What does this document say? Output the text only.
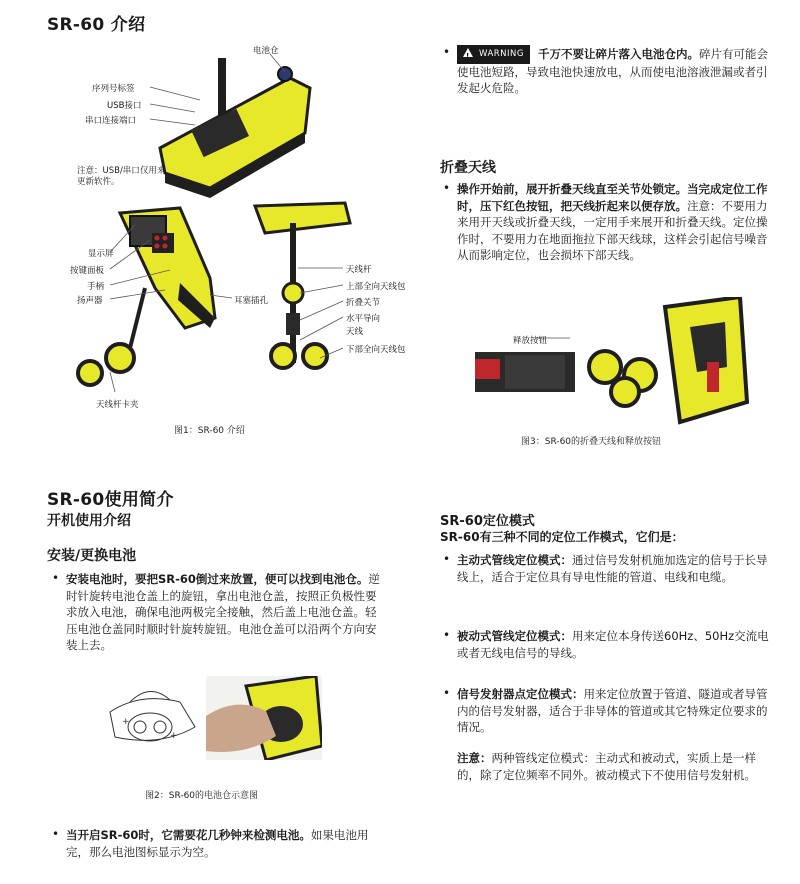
SR-60 介绍
电池仓
序列号标签
USB接口
串口连接端口
注意：USB/串口仅用来更新软件。
显示屏
按键面板
手柄
扬声器	耳塞插孔
天线杆卡夹
天线杆
上部全向天线包
折叠关节
水平导向
天线
下部全向天线包
图1：SR-60 介绍
SR-60使用简介
开机使用介绍
安装/更换电池
• 安装电池时，要把SR-60倒过来放置，便可以找到电池仓。逆时针旋转电池仓盖上的旋钮，拿出电池仓盖，按照正负极性要求放入电池，确保电池两极完全接触，然后盖上电池仓盖。轻压电池仓盖同时顺时针旋转旋钮。电池仓盖可以沿两个方向安装上去。
+
+
图2：SR-60的电池仓示意图
• 当开启SR-60时，它需要花几秒钟来检测电池。如果电池用完，那么电池图标显示为空。
•
!	WARNING 千万不要让碎片落入电池仓内。碎片有可能会使电池短路，导致电池快速放电，从而使电池溶液泄漏或者引发起火危险。
折叠天线
• 操作开始前，展开折叠天线直至关节处锁定。当完成定位工作时，压下红色按钮，把天线折起来以便存放。注意：不要用力来用开天线或折叠天线，一定用手来展开和折叠天线。定位操作时，不要用力在地面拖拉下部天线球，这样会引起信号噪音从而影响定位，也会损坏下部天线。
释放按钮
图3：SR-60的折叠天线和释放按钮
SR-60定位模式
SR-60有三种不同的定位工作模式，它们是：
• 主动式管线定位模式：通过信号发射机施加选定的信号于长导线上，适合于定位具有导电性能的管道、电线和电缆。
• 被动式管线定位模式：用来定位本身传送60Hz、50Hz交流电或者无线电信号的导线。
• 信号发射器点定位模式：用来定位放置于管道、隧道或者导管内的信号发射器，适合于非导体的管道或其它特殊定位要求的情况。
注意：两种管线定位模式：主动式和被动式，实质上是一样的，除了定位频率不同外。被动模式下不使用信号发射机。
